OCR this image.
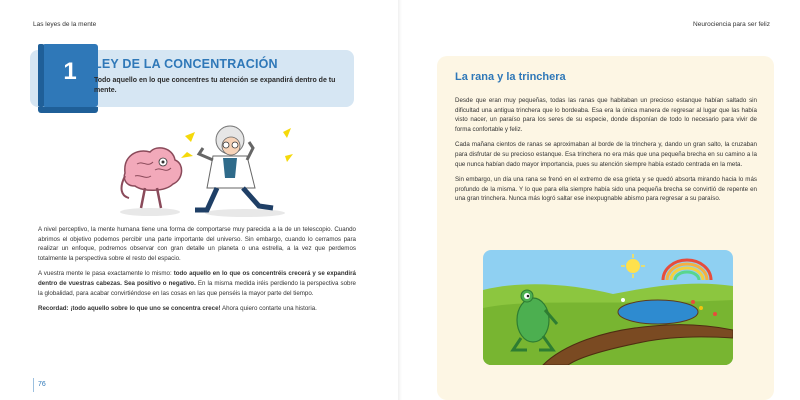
Las leyes de la mente	Neurociencia para ser feliz
1	LEY DE LA CONCENTRACIÓN
Todo aquello en lo que concentres tu atención se expandirá dentro de tu mente.

A nivel perceptivo, la mente humana tiene una forma de comportarse muy parecida a la de un telescopio. Cuando abrimos el objetivo podemos percibir una parte importante del universo. Sin embargo, cuando lo cerramos para realizar un enfoque, podremos observar con gran detalle un planeta o una estrella, a la vez que perdemos totalmente la perspectiva sobre el resto del espacio.

A vuestra mente le pasa exactamente lo mismo: todo aquello en lo que os concentréis crecerá y se expandirá dentro de vuestras cabezas. Sea positivo o negativo. En la misma medida iréis perdiendo la perspectiva sobre la globalidad, para acabar convirtiéndose en las cosas en las que penséis la mayor parte del tiempo.

Recordad: ¡todo aquello sobre lo que uno se concentra crece! Ahora quiero contarte una historia.

76
La rana y la trinchera

Desde que eran muy pequeñas, todas las ranas que habitaban un precioso estanque habían saltado sin dificultad una antigua trinchera que lo bordeaba. Esa era la única manera de regresar al lugar que las había visto nacer, un paraíso para los seres de su especie, donde disponían de todo lo necesario para vivir de forma confortable y feliz.

Cada mañana cientos de ranas se aproximaban al borde de la trinchera y, dando un gran salto, la cruzaban para disfrutar de su precioso estanque. Esa trinchera no era más que una pequeña brecha en su camino a la que nunca habían dado mayor importancia, pues su atención siempre había estado centrada en la meta.

Sin embargo, un día una rana se frenó en el extremo de esa grieta y se quedó absorta mirando hacia lo más profundo de la misma. Y lo que para ella siempre había sido una pequeña brecha se convirtió de repente en una gran trinchera. Nunca más logró saltar ese inexpugnable abismo para regresar a su paraíso.
